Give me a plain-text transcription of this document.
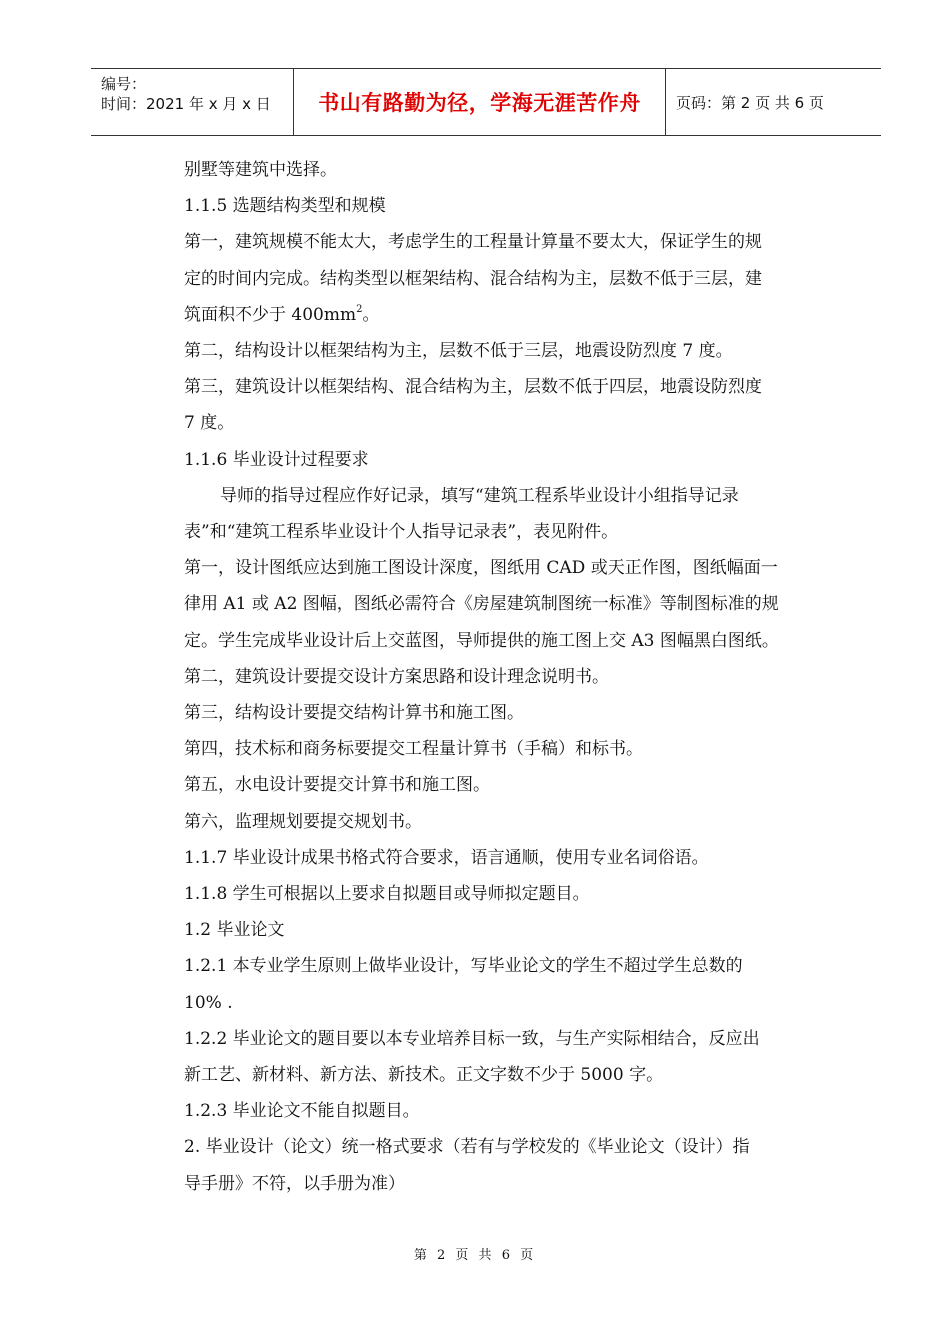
编号：
时间：2021 年 x 月 x 日	书山有路勤为径，学海无涯苦作舟	页码：第 2 页 共 6 页

别墅等建筑中选择。

1.1.5 选题结构类型和规模

第一，建筑规模不能太大，考虑学生的工程量计算量不要太大，保证学生的规

定的时间内完成。结构类型以框架结构、混合结构为主，层数不低于三层，建

筑面积不少于 $400mm^2$。

第二，结构设计以框架结构为主，层数不低于三层，地震设防烈度 7 度。

第三，建筑设计以框架结构、混合结构为主，层数不低于四层，地震设防烈度

7 度。

1.1.6 毕业设计过程要求

导师的指导过程应作好记录，填写“建筑工程系毕业设计小组指导记录

表”和“建筑工程系毕业设计个人指导记录表”，表见附件。

第一，设计图纸应达到施工图设计深度，图纸用 CAD 或天正作图，图纸幅面一

律用 A1 或 A2 图幅，图纸必需符合《房屋建筑制图统一标准》等制图标准的规

定。学生完成毕业设计后上交蓝图，导师提供的施工图上交 A3 图幅黑白图纸。

第二，建筑设计要提交设计方案思路和设计理念说明书。

第三，结构设计要提交结构计算书和施工图。

第四，技术标和商务标要提交工程量计算书（手稿）和标书。

第五，水电设计要提交计算书和施工图。

第六，监理规划要提交规划书。

1.1.7 毕业设计成果书格式符合要求，语言通顺，使用专业名词俗语。

1.1.8 学生可根据以上要求自拟题目或导师拟定题目。

1.2 毕业论文

1.2.1 本专业学生原则上做毕业设计，写毕业论文的学生不超过学生总数的

10% .

1.2.2 毕业论文的题目要以本专业培养目标一致，与生产实际相结合，反应出

新工艺、新材料、新方法、新技术。正文字数不少于 5000 字。

1.2.3 毕业论文不能自拟题目。

2. 毕业设计（论文）统一格式要求（若有与学校发的《毕业论文（设计）指

导手册》不符，以手册为准）

第 2 页 共 6 页
